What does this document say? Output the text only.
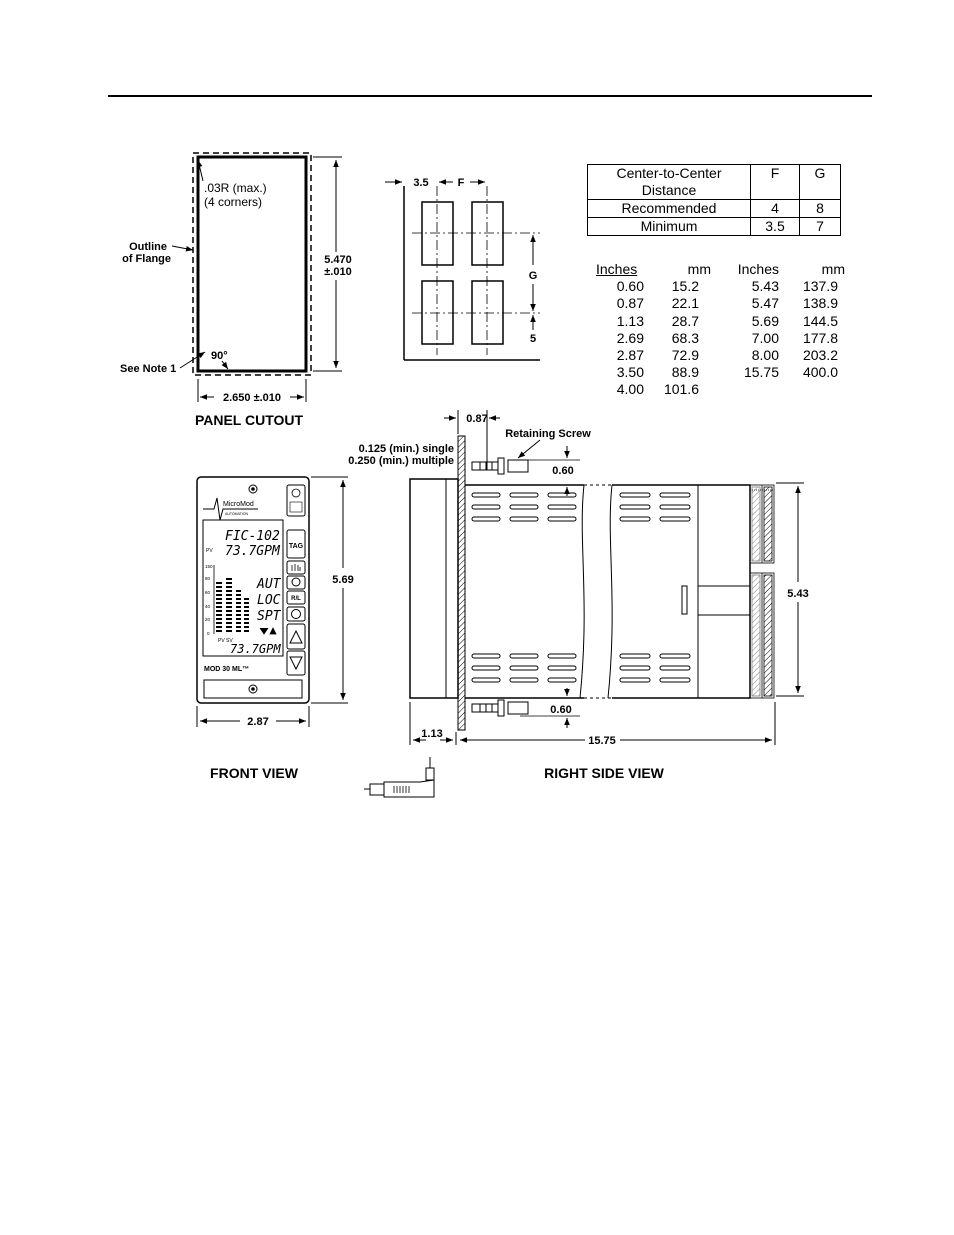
.03R (max.)
(4 corners)
Outline
of Flange	5.470
±.010
90°
See Note 1
2.650 ±.010
PANEL CUTOUT
3.5	F
G
5
MicroMod
AUTOMATION
FIC-102
73.7GPM
PV
150
80
60
40
20
0
AUT
LOC
SPT
PV SV
73.7GPM
TAG
R/L
MOD 30 ML™
5.69
2.87
FRONT VIEW
0.87
0.125 (min.) single
0.250 (min.) multiple
Retaining Screw
0.60
0.60
5.43
1.13
15.75
RIGHT SIDE VIEW
Center-to-Center
Distance	F	G
Recommended	4	8
Minimum	3.5	7
Inches	mm	Inches	mm
0.60	15.2	5.43	137.9
0.87	22.1	5.47	138.9
1.13	28.7	5.69	144.5
2.69	68.3	7.00	177.8
2.87	72.9	8.00	203.2
3.50	88.9	15.75	400.0
4.00	101.6
